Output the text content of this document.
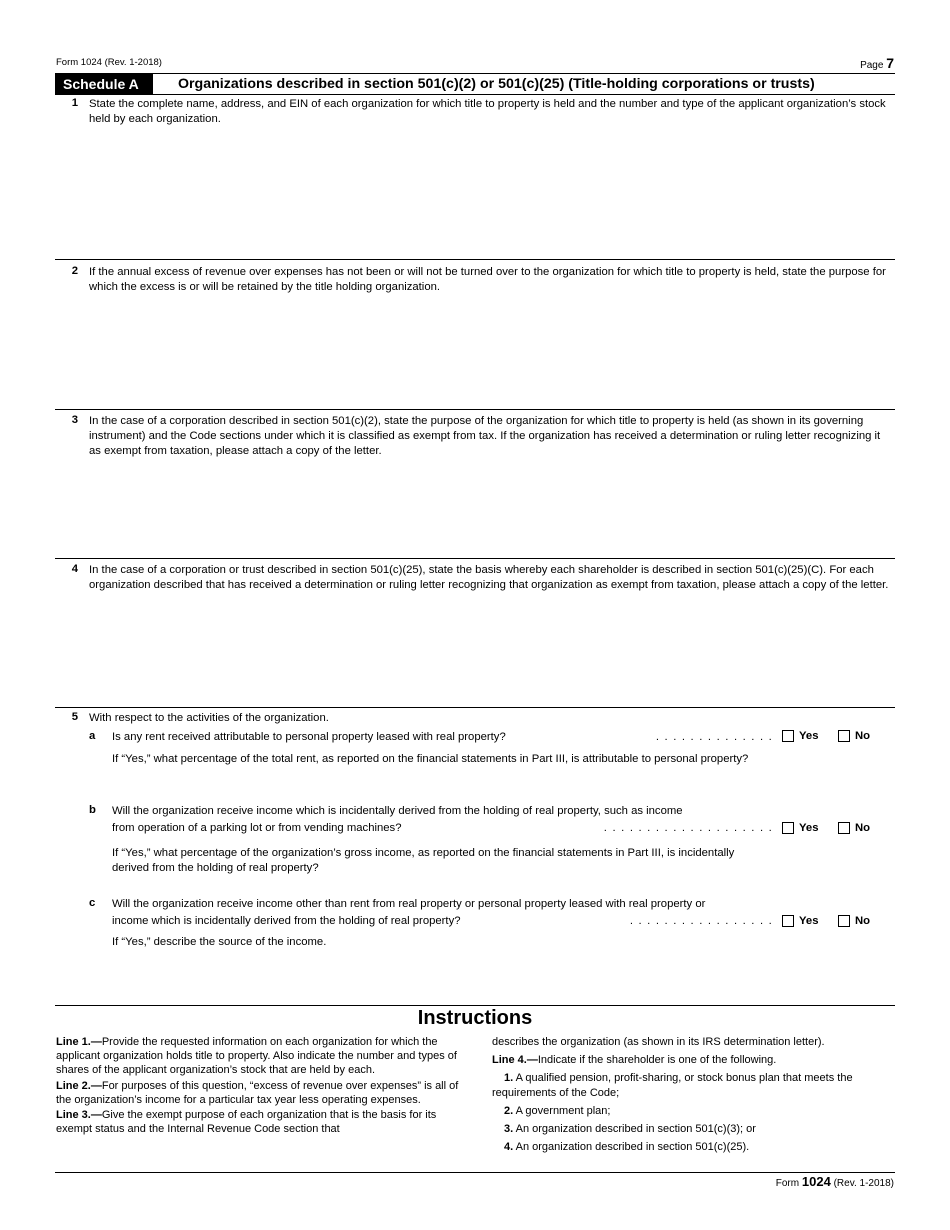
Form 1024 (Rev. 1-2018)	Page 7
Schedule A	Organizations described in section 501(c)(2) or 501(c)(25) (Title-holding corporations or trusts)
1 State the complete name, address, and EIN of each organization for which title to property is held and the number and type of the applicant organization’s stock held by each organization.
2 If the annual excess of revenue over expenses has not been or will not be turned over to the organization for which title to property is held, state the purpose for which the excess is or will be retained by the title holding organization.
3 In the case of a corporation described in section 501(c)(2), state the purpose of the organization for which title to property is held (as shown in its governing instrument) and the Code sections under which it is classified as exempt from tax. If the organization has received a determination or ruling letter recognizing it as exempt from taxation, please attach a copy of the letter.
4 In the case of a corporation or trust described in section 501(c)(25), state the basis whereby each shareholder is described in section 501(c)(25)(C). For each organization described that has received a determination or ruling letter recognizing that organization as exempt from taxation, please attach a copy of the letter.
5 With respect to the activities of the organization.
a Is any rent received attributable to personal property leased with real property?	. . . . . . . . . . . . . . Yes	No
If “Yes,” what percentage of the total rent, as reported on the financial statements in Part III, is attributable to personal property?
b Will the organization receive income which is incidentally derived from the holding of real property, such as income
from operation of a parking lot or from vending machines?	. . . . . . . . . . . . . . . . . . . . Yes	No
If “Yes,” what percentage of the organization’s gross income, as reported on the financial statements in Part III, is incidentally derived from the holding of real property?
c Will the organization receive income other than rent from real property or personal property leased with real property or
income which is incidentally derived from the holding of real property?	. . . . . . . . . . . . . . . . . Yes	No
If “Yes,” describe the source of the income.
Instructions
Line 1.—Provide the requested information on each organization for which the applicant organization holds title to property. Also indicate the number and types of shares of the applicant organization’s stock that are held by each.
Line 2.—For purposes of this question, “excess of revenue over expenses” is all of the organization’s income for a particular tax year less operating expenses.
Line 3.—Give the exempt purpose of each organization that is the basis for its exempt status and the Internal Revenue Code section that
describes the organization (as shown in its IRS determination letter).
Line 4.—Indicate if the shareholder is one of the following.
1. A qualified pension, profit-sharing, or stock bonus plan that meets the requirements of the Code;
2. A government plan;
3. An organization described in section 501(c)(3); or
4. An organization described in section 501(c)(25).
Form 1024 (Rev. 1-2018)
